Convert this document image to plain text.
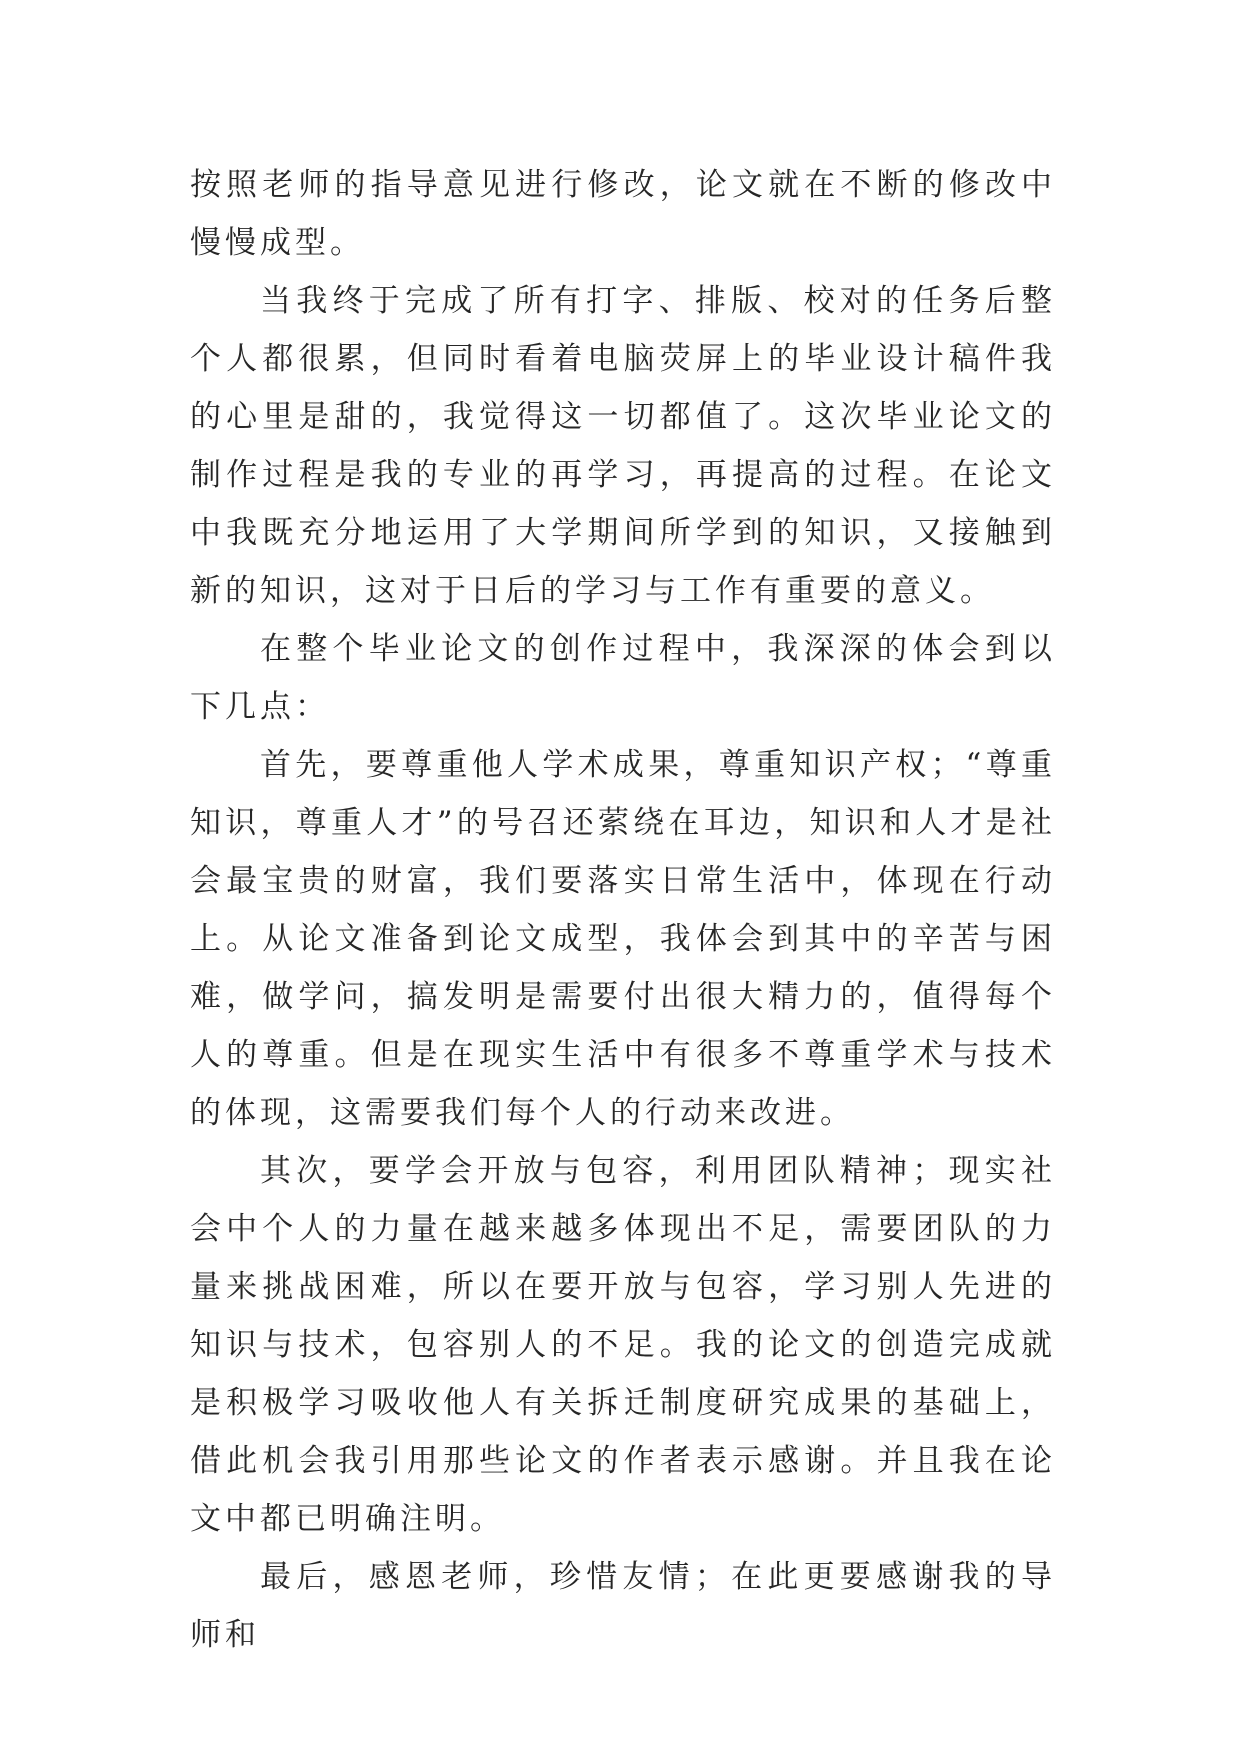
按照老师的指导意见进行修改，论文就在不断的修改中慢慢成型。

当我终于完成了所有打字、排版、校对的任务后整个人都很累，但同时看着电脑荧屏上的毕业设计稿件我的心里是甜的，我觉得这一切都值了。这次毕业论文的制作过程是我的专业的再学习，再提高的过程。在论文中我既充分地运用了大学期间所学到的知识，又接触到新的知识，这对于日后的学习与工作有重要的意义。

在整个毕业论文的创作过程中，我深深的体会到以下几点：

首先，要尊重他人学术成果，尊重知识产权；“尊重知识，尊重人才”的号召还萦绕在耳边，知识和人才是社会最宝贵的财富，我们要落实日常生活中，体现在行动上。从论文准备到论文成型，我体会到其中的辛苦与困难，做学问，搞发明是需要付出很大精力的，值得每个人的尊重。但是在现实生活中有很多不尊重学术与技术的体现，这需要我们每个人的行动来改进。

其次，要学会开放与包容，利用团队精神；现实社会中个人的力量在越来越多体现出不足，需要团队的力量来挑战困难，所以在要开放与包容，学习别人先进的知识与技术，包容别人的不足。我的论文的创造完成就是积极学习吸收他人有关拆迁制度研究成果的基础上，借此机会我引用那些论文的作者表示感谢。并且我在论文中都已明确注明。

最后，感恩老师，珍惜友情；在此更要感谢我的导师和
